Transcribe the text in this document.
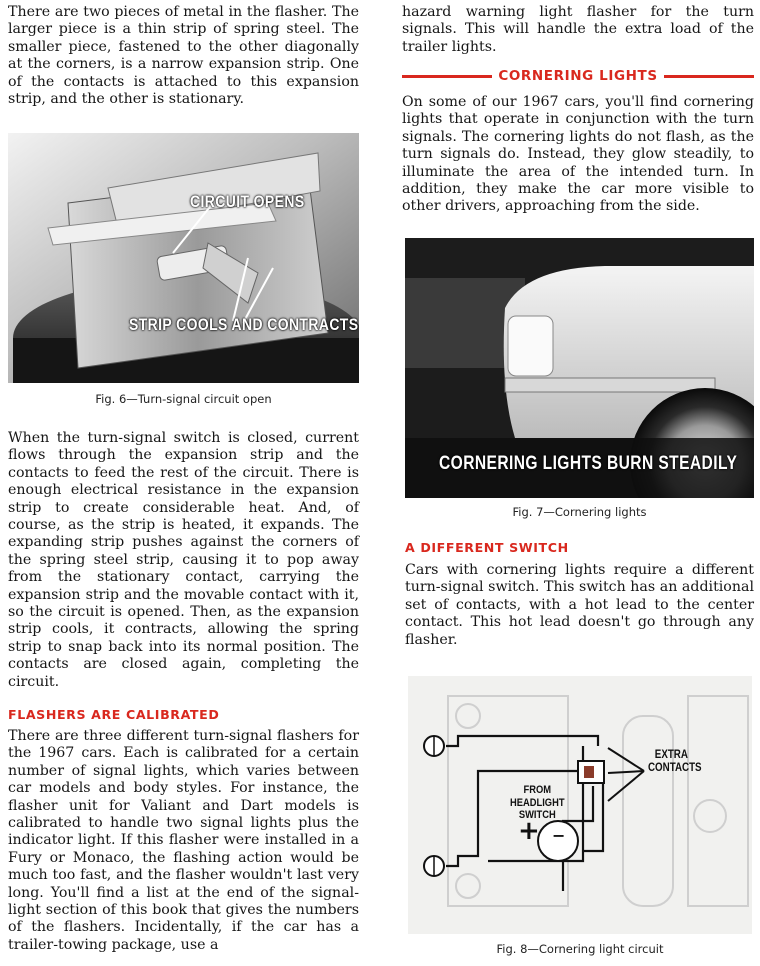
There are two pieces of metal in the flasher. The larger piece is a thin strip of spring steel. The smaller piece, fastened to the other diagonally at the corners, is a narrow expansion strip. One of the contacts is attached to this expansion strip, and the other is stationary.

CIRCUIT OPENS
STRIP COOLS AND CONTRACTS
Fig. 6—Turn-signal circuit open

When the turn-signal switch is closed, current flows through the expansion strip and the contacts to feed the rest of the circuit. There is enough electrical resistance in the expansion strip to create considerable heat. And, of course, as the strip is heated, it expands. The expanding strip pushes against the corners of the spring steel strip, causing it to pop away from the stationary contact, carrying the expansion strip and the movable contact with it, so the circuit is opened. Then, as the expansion strip cools, it contracts, allowing the spring strip to snap back into its normal position. The contacts are closed again, completing the circuit.

FLASHERS ARE CALIBRATED

There are three different turn-signal flashers for the 1967 cars. Each is calibrated for a certain number of signal lights, which varies between car models and body styles. For instance, the flasher unit for Valiant and Dart models is calibrated to handle two signal lights plus the indicator light. If this flasher were installed in a Fury or Monaco, the flashing action would be much too fast, and the flasher wouldn't last very long. You'll find a list at the end of the signal-light section of this book that gives the numbers of the flashers. Incidentally, if the car has a trailer-towing package, use a

hazard warning light flasher for the turn signals. This will handle the extra load of the trailer lights.

CORNERING LIGHTS

On some of our 1967 cars, you'll find cornering lights that operate in conjunction with the turn signals. The cornering lights do not flash, as the turn signals do. Instead, they glow steadily, to illuminate the area of the intended turn. In addition, they make the car more visible to other drivers, approaching from the side.

CORNERING LIGHTS BURN STEADILY
Fig. 7—Cornering lights

A DIFFERENT SWITCH

Cars with cornering lights require a different turn-signal switch. This switch has an additional set of contacts, with a hot lead to the center contact. This hot lead doesn't go through any flasher.

EXTRA
CONTACTS
FROM
HEADLIGHT
SWITCH
+ −
Fig. 8—Cornering light circuit
